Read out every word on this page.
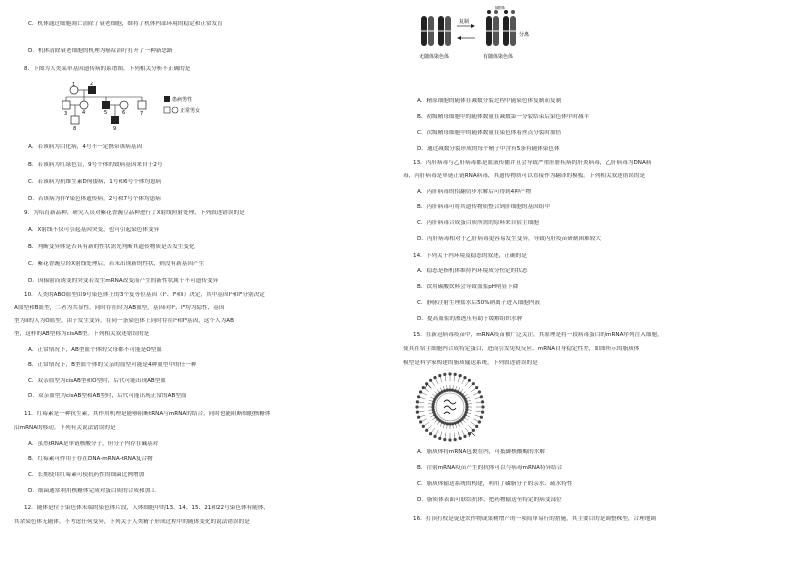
患病男性
正常男女
1	2
3	4	5	6	7
8	9
C．机体通过细胞凋亡清除了衰老细胞，维持了机体内部环境的稳定和正常发育
D．机体清除衰老细胞的机理为癌症治疗打开了一种新思路
8．下图为人类某单基因遗传病的系谱图，下列相关分析不正确的是
A．若该病为白化病，4号不一定携带该病基因
B．若该病为红绿色盲，9号个体的致病基因来自于2号
C．若该病为抗维生素D佝偻病，1号和6号个体均患病
D．若该病为伴Y染色体遗传病，2号和7号个体均患病
9．为培育新品种，研究人员对紫花香豌豆品种进行了X射线照射处理，下列叙述错误的是
A．X射线不仅可引起基因突变，也可引起染色体变异
B．判断变异体是否具有新的性状需先判断其遗传物质是否发生变化
C．紫花香豌豆经X射线处理后，若未出现新的性状，则没有新基因产生
D．因辐射而诱变的突变若发生mRNA改变而产生的新性状属于不可遗传变异
10．人类的ABO血型由9号染色体上的3个复等位基因（Iᴬ、Iᴮ和i）决定，其中基因Iᴬ和Iᴮ分别决定
A血型和B血型，二者为共显性，同时存在时为AB血型，基因i对Iᴬ、Iᴮ均为隐性，基因
型为ii的人为O血型。由于发生变异，在同一条染色体上同时存在Iᴬ和Iᴮ基因，这个人为AB
型，这样的AB型称为cisAB型。下列相关叙述错误的是
A．正常情况下，AB型血个体的父母都不可能是O型血
B．正常情况下，B型血个体的父亲的血型可能是4种血型中的任一种
C．双亲血型为cisAB型和O型时，后代可能出现AB型血
D．双亲血型为cisAB型和AB型时，后代可能出现正常的AB型血
11．红霉素是一种抗生素，其作用机理是能够阻断tRNA与mRNA的结合，同时也能阻断细胞核糖体
沿mRNA的移动。下列有关说法错误的是
A．虽然tRNA是单链核酸分子，但分子内存在碱基对
B．红霉素可作用于存在DNA-mRNA-tRNA复合物
C．长期使用红霉素可使抗药性的细菌比例增加
D．细菌通常利用核糖体完成对蛋白质的合成和加工
12．随体是位于染色体末端的染色体片段，人体细胞中的13、14、15、21和22号染色体有随体，
其余染色体无随体。不考虑任何变异，下列关于人类精子形成过程中的随体变化的说法错误的是
复制
随体
分离
无随体染色体	有随体染色体
A．精原细胞的随体在减数分裂过程中随染色体复制而复制
B．初级精母细胞中的随体数量在减数第一分裂结束后染色体中时减半
C．次级精母细胞中的随体数量在染色体着丝点分裂时加倍
D．通过减数分裂形成的每个精子中含有5条有随体染色体
13．丙肝病毒与乙肝病毒都是血液传播并且会导致严重肝脏疾病的肝炎病毒，乙肝病毒为DNA病
毒，丙肝病毒是单链正链RNA病毒，其遗传物质可以直接作为翻译的模板。下列相关叙述错误的是
A．丙肝病毒的招翻切步水解后可得到4种产物
B．丙肝病毒可将其遗传物质整合到肝细胞的基因组中
C．丙肝病毒合成蛋白质所需的原料来自宿主细胞
D．丙肝病毒相对于乙肝病毒更容易发生变异，导致丙肝疫苗研制困难较大
14．下列关于内环境及稳态的叙述，正确的是
A．稳态是指机体维持内环境成分恒定的状态
B．饮用碳酸饮料会导致血浆pH明显下降
C．静脉注射生理盐水后50%钠离子进入细胞内液
D．提高血浆的渗透压有助于缓解组织水肿
15．在新冠病毒疫苗中，mRNA疫苗被广泛关注，其原理是将一段病毒蛋白的mRNA序列注入细胞，
使其在宿主细胞内合成特定蛋白，进而引发免疫反应。mRNA自身稳定性差，如图所示的脂质体
模型是科学家构建的脂质输送系统。下列叙述错误的是
A．脂质体将mRNA包裹在内，可抵御核酸酶的水解
B．注射mRNA疫苗产生的抗体可以与病毒mRNA特异结合
C．脂质体输送系统的构建，利用了磷脂分子的亲水、疏水特性
D．脂质体表面可联结抗体，把药物输送至特定的病变部位
16．打顶打杈是促进农作物或果树增产的一项简单易行的措施，其主要目的是调整株型，合理地调
